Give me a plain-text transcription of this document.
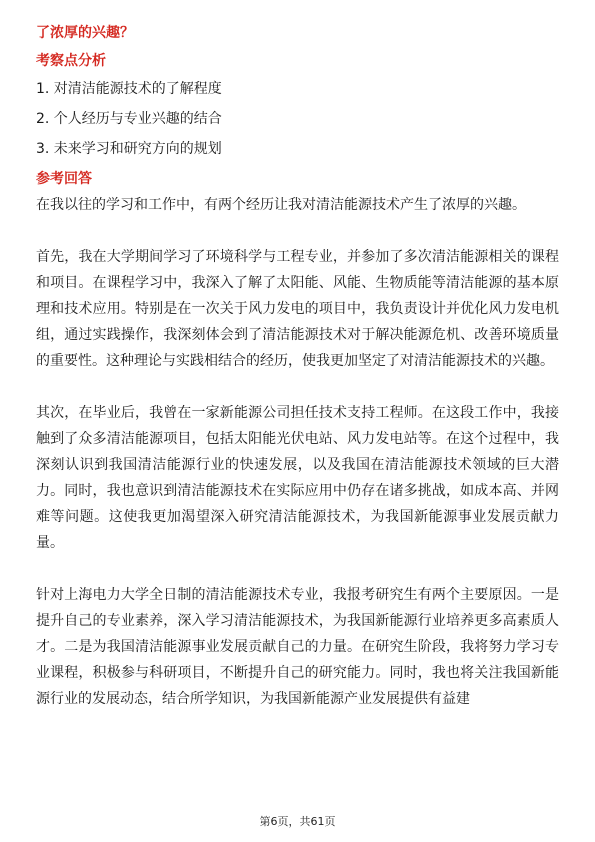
了浓厚的兴趣？
考察点分析
1. 对清洁能源技术的了解程度
2. 个人经历与专业兴趣的结合
3. 未来学习和研究方向的规划
参考回答

在我以往的学习和工作中，有两个经历让我对清洁能源技术产生了浓厚的兴趣。

首先，我在大学期间学习了环境科学与工程专业，并参加了多次清洁能源相关的课程和项目。在课程学习中，我深入了解了太阳能、风能、生物质能等清洁能源的基本原理和技术应用。特别是在一次关于风力发电的项目中，我负责设计并优化风力发电机组，通过实践操作，我深刻体会到了清洁能源技术对于解决能源危机、改善环境质量的重要性。这种理论与实践相结合的经历，使我更加坚定了对清洁能源技术的兴趣。

其次，在毕业后，我曾在一家新能源公司担任技术支持工程师。在这段工作中，我接触到了众多清洁能源项目，包括太阳能光伏电站、风力发电站等。在这个过程中，我深刻认识到我国清洁能源行业的快速发展，以及我国在清洁能源技术领域的巨大潜力。同时，我也意识到清洁能源技术在实际应用中仍存在诸多挑战，如成本高、并网难等问题。这使我更加渴望深入研究清洁能源技术，为我国新能源事业发展贡献力量。

针对上海电力大学全日制的清洁能源技术专业，我报考研究生有两个主要原因。一是提升自己的专业素养，深入学习清洁能源技术，为我国新能源行业培养更多高素质人才。二是为我国清洁能源事业发展贡献自己的力量。在研究生阶段，我将努力学习专业课程，积极参与科研项目，不断提升自己的研究能力。同时，我也将关注我国新能源行业的发展动态，结合所学知识，为我国新能源产业发展提供有益建

第6页，共61页
